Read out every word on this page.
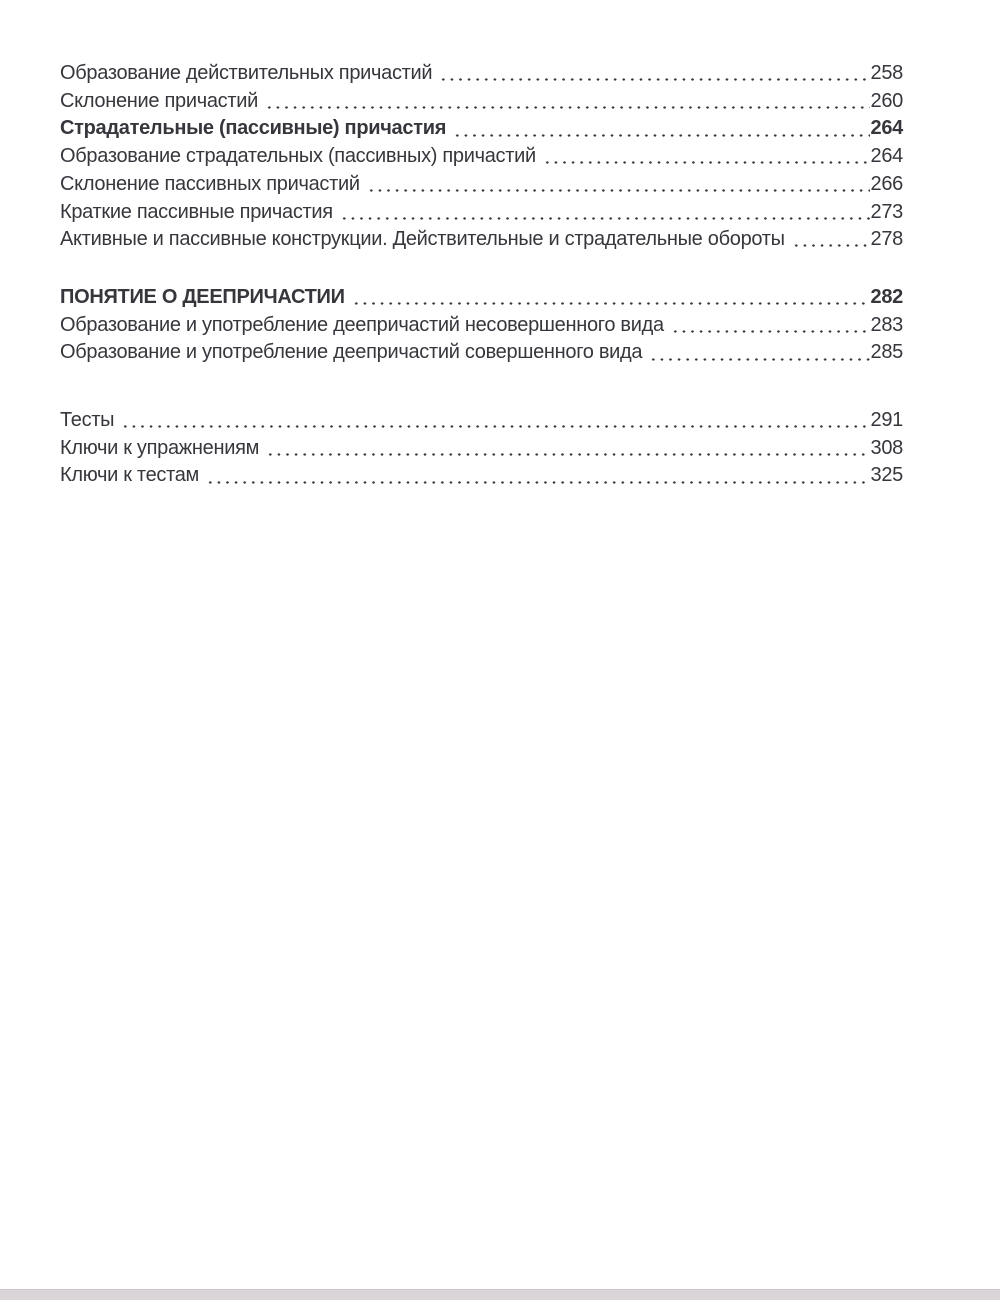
Образование действительных причастий	258
Склонение причастий	260
Страдательные (пассивные) причастия	264
Образование страдательных (пассивных) причастий	264
Склонение пассивных причастий	266
Краткие пассивные причастия	273
Активные и пассивные конструкции. Действительные и страдательные обороты	278
ПОНЯТИЕ О ДЕЕПРИЧАСТИИ	282
Образование и употребление деепричастий несовершенного вида	283
Образование и употребление деепричастий совершенного вида	285
Тесты	291
Ключи к упражнениям	308
Ключи к тестам	325
